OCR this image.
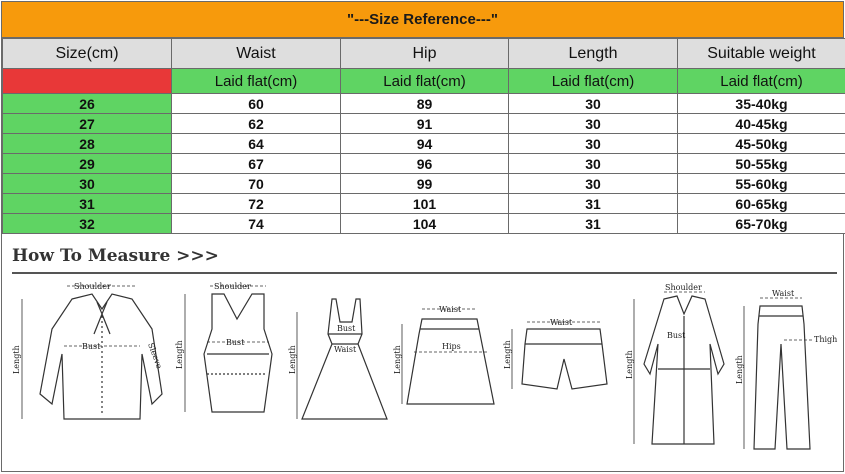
"---Size Reference---"
Size(cm)	Waist	Hip	Length	Suitable weight
	Laid flat(cm)	Laid flat(cm)	Laid flat(cm)	Laid flat(cm)
26	60	89	30	35-40kg
27	62	91	30	40-45kg
28	64	94	30	45-50kg
29	67	96	30	50-55kg
30	70	99	30	55-60kg
31	72	101	31	60-65kg
32	74	104	31	65-70kg
How To Measure >>>
Shoulder
Bust	Sleeve
Length
Shoulder
Bust
Length
Bust
Waist
Length
Waist
Hips
Length
Waist
Length
Shoulder
Bust
Length
Waist
Thigh
Length
